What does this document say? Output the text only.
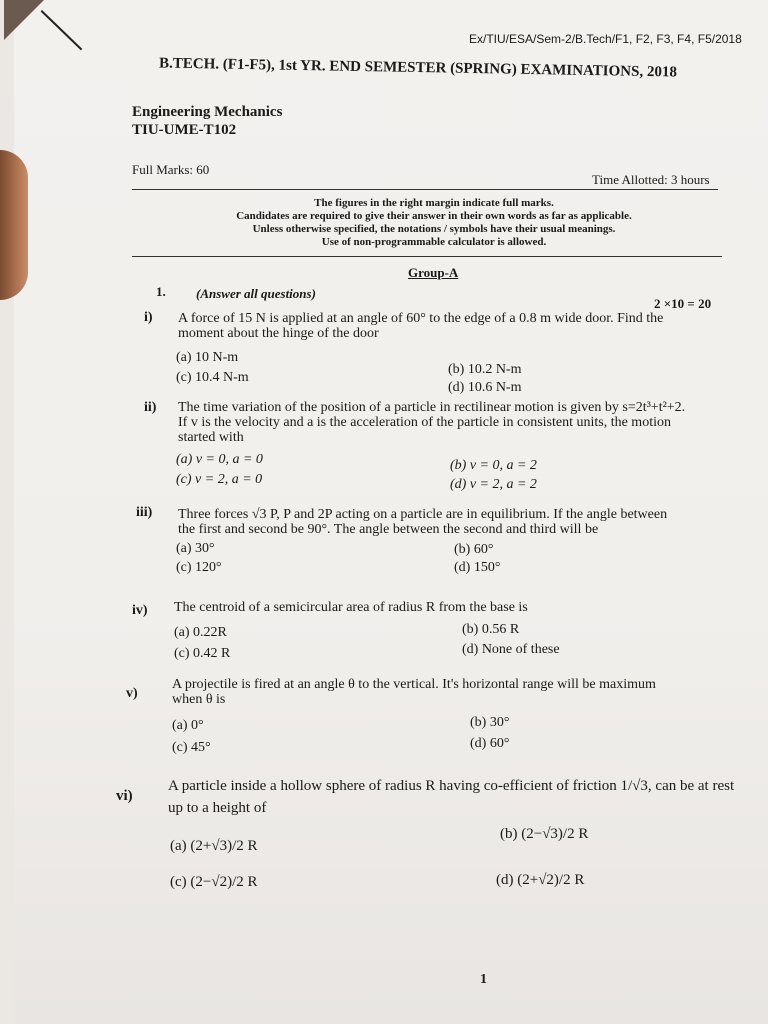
Ex/TIU/ESA/Sem-2/B.Tech/F1, F2, F3, F4, F5/2018
B.TECH. (F1-F5), 1st YR. END SEMESTER (SPRING) EXAMINATIONS, 2018
Engineering Mechanics
TIU-UME-T102
Full Marks: 60
Time Allotted: 3 hours
The figures in the right margin indicate full marks.
Candidates are required to give their answer in their own words as far as applicable.
Unless otherwise specified, the notations / symbols have their usual meanings.
Use of non-programmable calculator is allowed.
Group-A
1. (Answer all questions)
2 ×10 = 20
i) A force of 15 N is applied at an angle of 60° to the edge of a 0.8 m wide door. Find the
moment about the hinge of the door
(a) 10 N-m
(b) 10.2 N-m
(c) 10.4 N-m
(d) 10.6 N-m
ii) The time variation of the position of a particle in rectilinear motion is given by s=2t³+t²+2.
If v is the velocity and a is the acceleration of the particle in consistent units, the motion
started with
(a) v = 0, a = 0	(b) v = 0, a = 2
(c) v = 2, a = 0	(d) v = 2, a = 2
iii) Three forces √3 P, P and 2P acting on a particle are in equilibrium. If the angle between
the first and second be 90°. The angle between the second and third will be
(a) 30°	(b) 60°
(c) 120°	(d) 150°
iv) The centroid of a semicircular area of radius R from the base is
(a) 0.22R	(b) 0.56 R
(c) 0.42 R	(d) None of these
v)
A projectile is fired at an angle θ to the vertical. It's horizontal range will be maximum
when θ is
(a) 0°	(b) 30°
(c) 45°	(d) 60°
vi)
A particle inside a hollow sphere of radius R having co-efficient of friction 1/√3, can be at rest
up to a height of
(a) (2+√3)/2 R
(b) (2−√3)/2 R
(c) (2−√2)/2 R	(d) (2+√2)/2 R
1
